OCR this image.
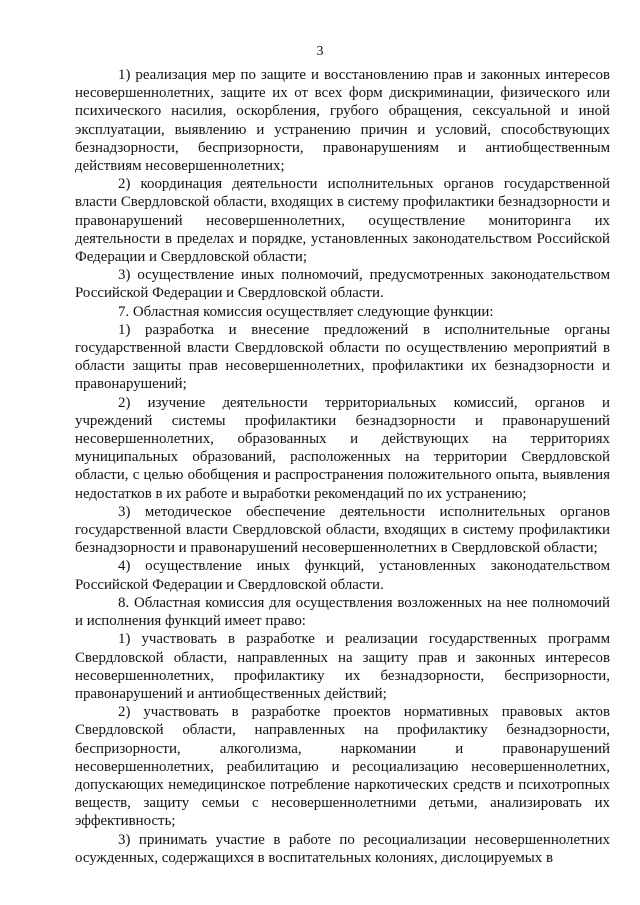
3

1) реализация мер по защите и восстановлению прав и законных интересов несовершеннолетних, защите их от всех форм дискриминации, физического или психического насилия, оскорбления, грубого обращения, сексуальной и иной эксплуатации, выявлению и устранению причин и условий, способствующих безнадзорности, беспризорности, правонарушениям и антиобщественным действиям несовершеннолетних;

2) координация деятельности исполнительных органов государственной власти Свердловской области, входящих в систему профилактики безнадзорности и правонарушений несовершеннолетних, осуществление мониторинга их деятельности в пределах и порядке, установленных законодательством Российской Федерации и Свердловской области;

3) осуществление иных полномочий, предусмотренных законодательством Российской Федерации и Свердловской области.

7. Областная комиссия осуществляет следующие функции:

1) разработка и внесение предложений в исполнительные органы государственной власти Свердловской области по осуществлению мероприятий в области защиты прав несовершеннолетних, профилактики их безнадзорности и правонарушений;

2) изучение деятельности территориальных комиссий, органов и учреждений системы профилактики безнадзорности и правонарушений несовершеннолетних, образованных и действующих на территориях муниципальных образований, расположенных на территории Свердловской области, с целью обобщения и распространения положительного опыта, выявления недостатков в их работе и выработки рекомендаций по их устранению;

3) методическое обеспечение деятельности исполнительных органов государственной власти Свердловской области, входящих в систему профилактики безнадзорности и правонарушений несовершеннолетних в Свердловской области;

4) осуществление иных функций, установленных законодательством Российской Федерации и Свердловской области.

8. Областная комиссия для осуществления возложенных на нее полномочий и исполнения функций имеет право:

1) участвовать в разработке и реализации государственных программ Свердловской области, направленных на защиту прав и законных интересов несовершеннолетних, профилактику их безнадзорности, беспризорности, правонарушений и антиобщественных действий;

2) участвовать в разработке проектов нормативных правовых актов Свердловской области, направленных на профилактику безнадзорности, беспризорности, алкоголизма, наркомании и правонарушений несовершеннолетних, реабилитацию и ресоциализацию несовершеннолетних, допускающих немедицинское потребление наркотических средств и психотропных веществ, защиту семьи с несовершеннолетними детьми, анализировать их эффективность;

3) принимать участие в работе по ресоциализации несовершеннолетних осужденных, содержащихся в воспитательных колониях, дислоцируемых в
